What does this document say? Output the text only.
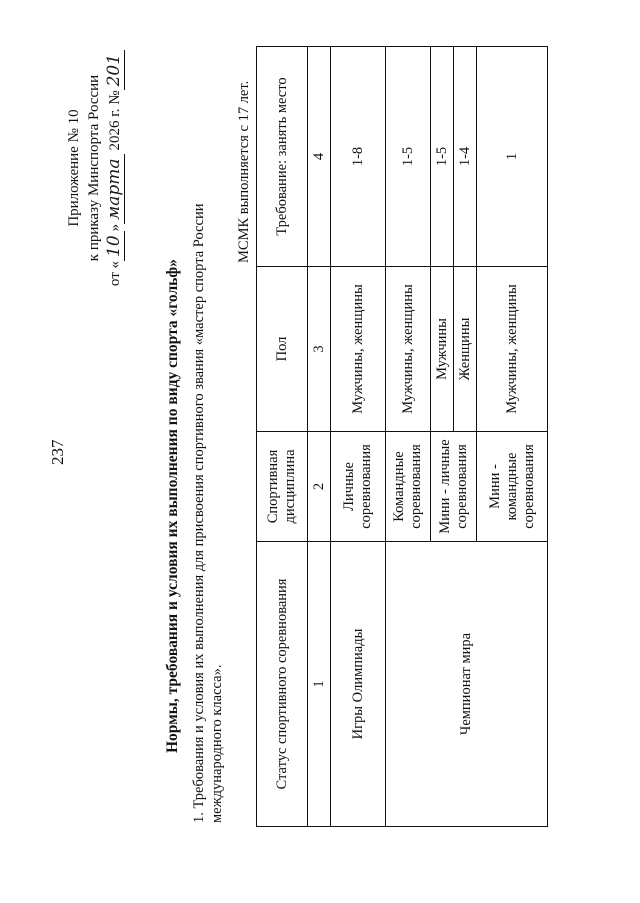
237
Приложение № 10 к приказу Минспорта России
от «
10
»
марта
2026 г. №
201
Нормы, требования и условия их выполнения по виду спорта «гольф» 1. Требования и условия их выполнения для присвоения спортивного звания «мастер спорта России международного класса».
МСМК выполняется с 17 лет.
Статус спортивного соревнования	Спортивная дисциплина	Пол	Требование: занять место
1	2	3	4
Игры Олимпиады	Личные соревнования	Мужчины, женщины	1-8
Чемпионат мира	Командные соревнования	Мужчины, женщины	1-5
	Мини - личные соревнования	Мужчины	1-5
		Женщины	1-4
	Мини - командные соревнования	Мужчины, женщины	1
